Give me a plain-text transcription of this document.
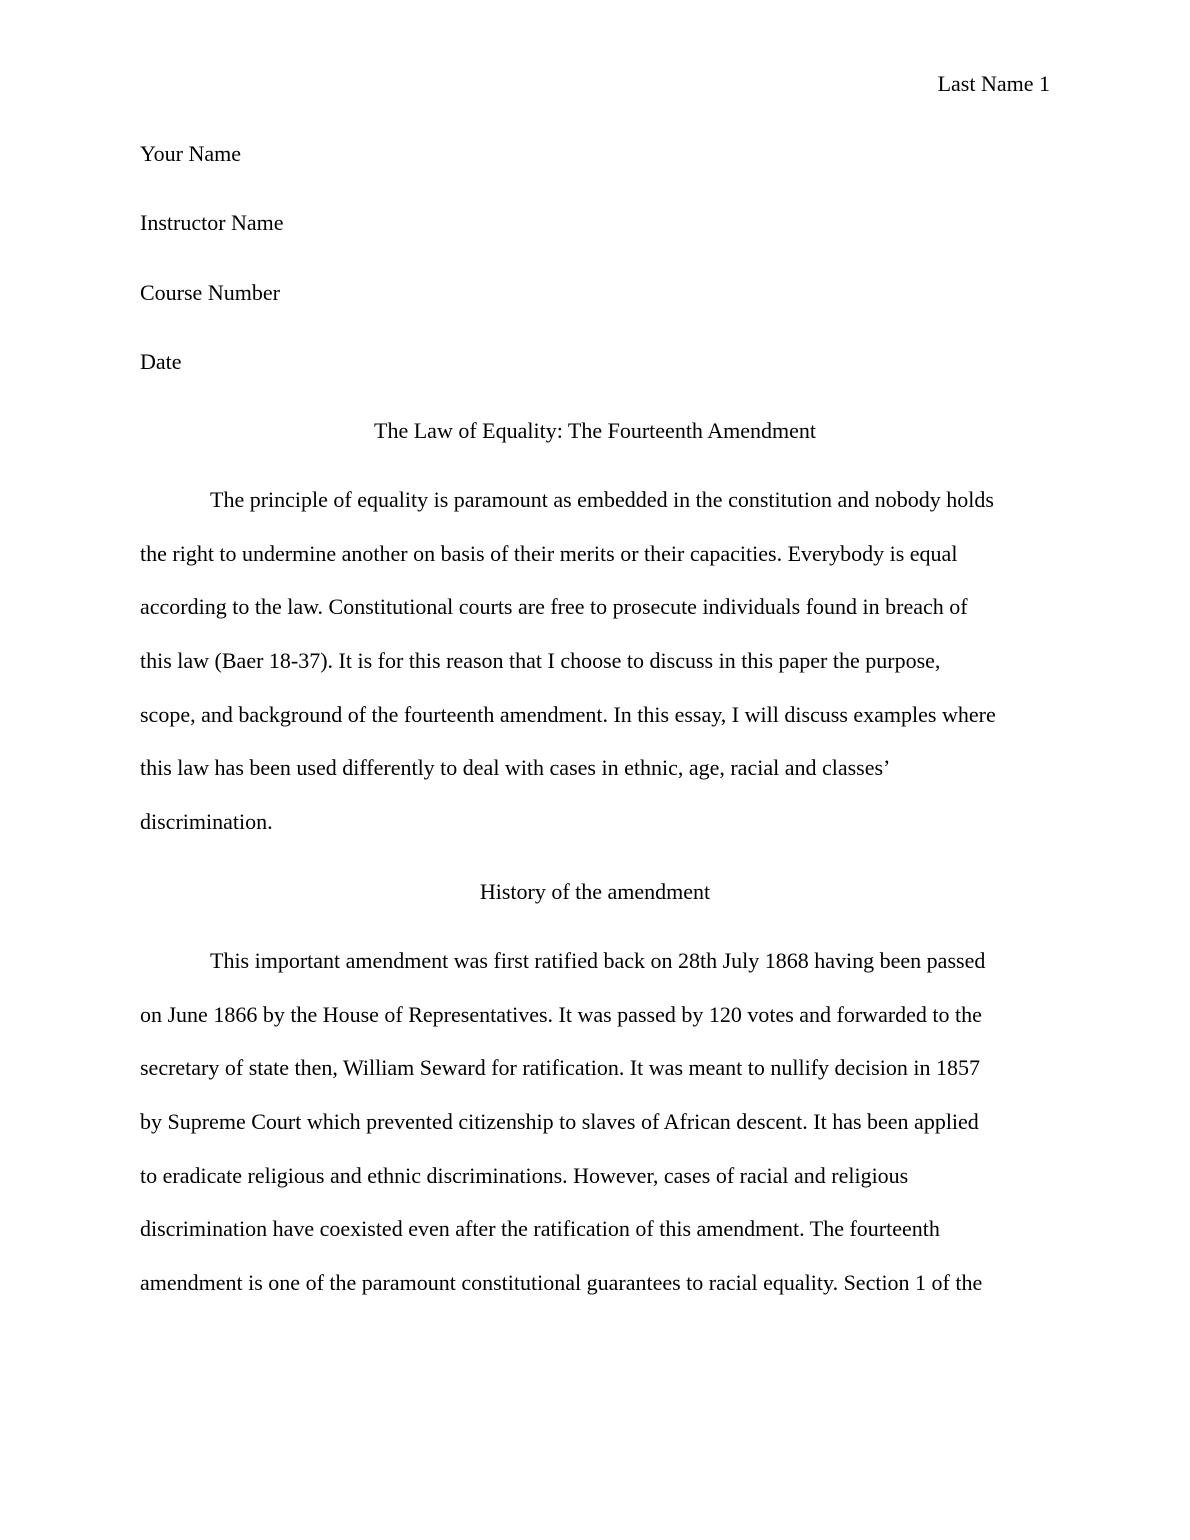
Last Name 1
Your Name
Instructor Name
Course Number
Date
The Law of Equality: The Fourteenth Amendment
The principle of equality is paramount as embedded in the constitution and nobody holds
the right to undermine another on basis of their merits or their capacities. Everybody is equal
according to the law. Constitutional courts are free to prosecute individuals found in breach of
this law (Baer 18-37). It is for this reason that I choose to discuss in this paper the purpose,
scope, and background of the fourteenth amendment. In this essay, I will discuss examples where
this law has been used differently to deal with cases in ethnic, age, racial and classes’
discrimination.
History of the amendment
This important amendment was first ratified back on 28th July 1868 having been passed
on June 1866 by the House of Representatives. It was passed by 120 votes and forwarded to the
secretary of state then, William Seward for ratification. It was meant to nullify decision in 1857
by Supreme Court which prevented citizenship to slaves of African descent. It has been applied
to eradicate religious and ethnic discriminations. However, cases of racial and religious
discrimination have coexisted even after the ratification of this amendment. The fourteenth
amendment is one of the paramount constitutional guarantees to racial equality. Section 1 of the
